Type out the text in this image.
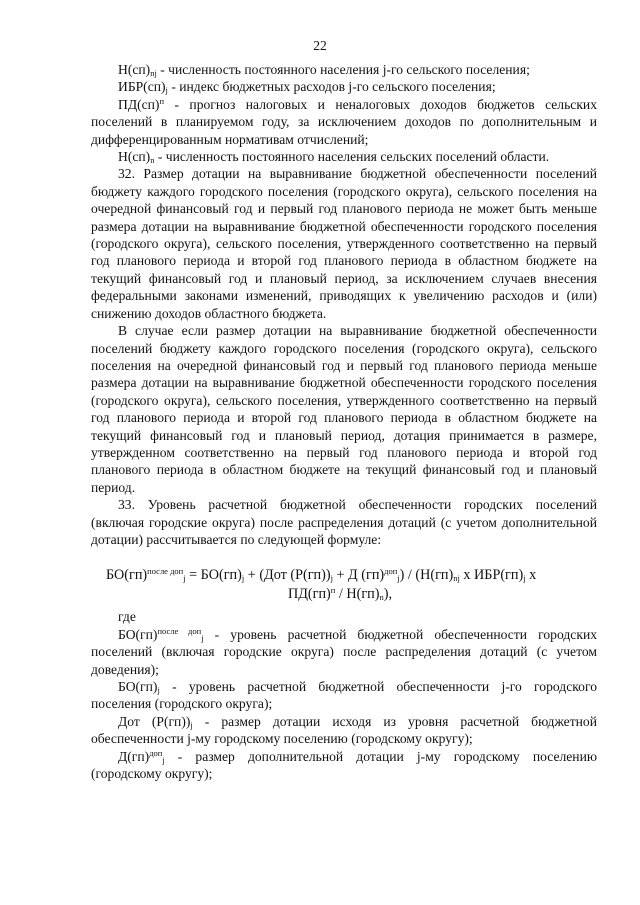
22

$Н(сп)_{nj}$ - численность постоянного населения j-го сельского поселения;

$ИБР(сп)_j$ - индекс бюджетных расходов j-го сельского поселения;

ПД(сп)$^п$ - прогноз налоговых и неналоговых доходов бюджетов сельских поселений в планируемом году, за исключением доходов по дополнительным и дифференцированным нормативам отчислений;

$Н(сп)_n$ - численность постоянного населения сельских поселений области.

32. Размер дотации на выравнивание бюджетной обеспеченности поселений бюджету каждого городского поселения (городского округа), сельского поселения на очередной финансовый год и первый год планового периода не может быть меньше размера дотации на выравнивание бюджетной обеспеченности городского поселения (городского округа), сельского поселения, утвержденного соответственно на первый год планового периода и второй год планового периода в областном бюджете на текущий финансовый год и плановый период, за исключением случаев внесения федеральными законами изменений, приводящих к увеличению расходов и (или) снижению доходов областного бюджета.

В случае если размер дотации на выравнивание бюджетной обеспеченности поселений бюджету каждого городского поселения (городского округа), сельского поселения на очередной финансовый год и первый год планового периода меньше размера дотации на выравнивание бюджетной обеспеченности городского поселения (городского округа), сельского поселения, утвержденного соответственно на первый год планового периода и второй год планового периода в областном бюджете на текущий финансовый год и плановый период, дотация принимается в размере, утвержденном соответственно на первый год планового периода и второй год планового периода в областном бюджете на текущий финансовый год и плановый период.

33. Уровень расчетной бюджетной обеспеченности городских поселений (включая городские округа) после распределения дотаций (с учетом дополнительной дотации) рассчитывается по следующей формуле:

$БО(гп)^{после доп}_j = БО(гп)_j + (Дот$ $(Р(гп))_j + Д$ $(гп)^{доп}_j) / (Н(гп)_{nj}$ х $ИБР(гп)_j$ х
$ПД(гп)^п / Н(гп)_n$),
где

БО(гп)$^{после доп}_j$ - уровень расчетной бюджетной обеспеченности городских поселений (включая городские округа) после распределения дотаций (с учетом доведения);

$БО(гп)_j$ - уровень расчетной бюджетной обеспеченности j-го городского поселения (городского округа);

Дот $(Р(гп))_j$ - размер дотации исходя из уровня расчетной бюджетной обеспеченности j-му городскому поселению (городскому округу);

Д(гп)$^{доп}_j$ - размер дополнительной дотации j-му городскому поселению (городскому округу);
